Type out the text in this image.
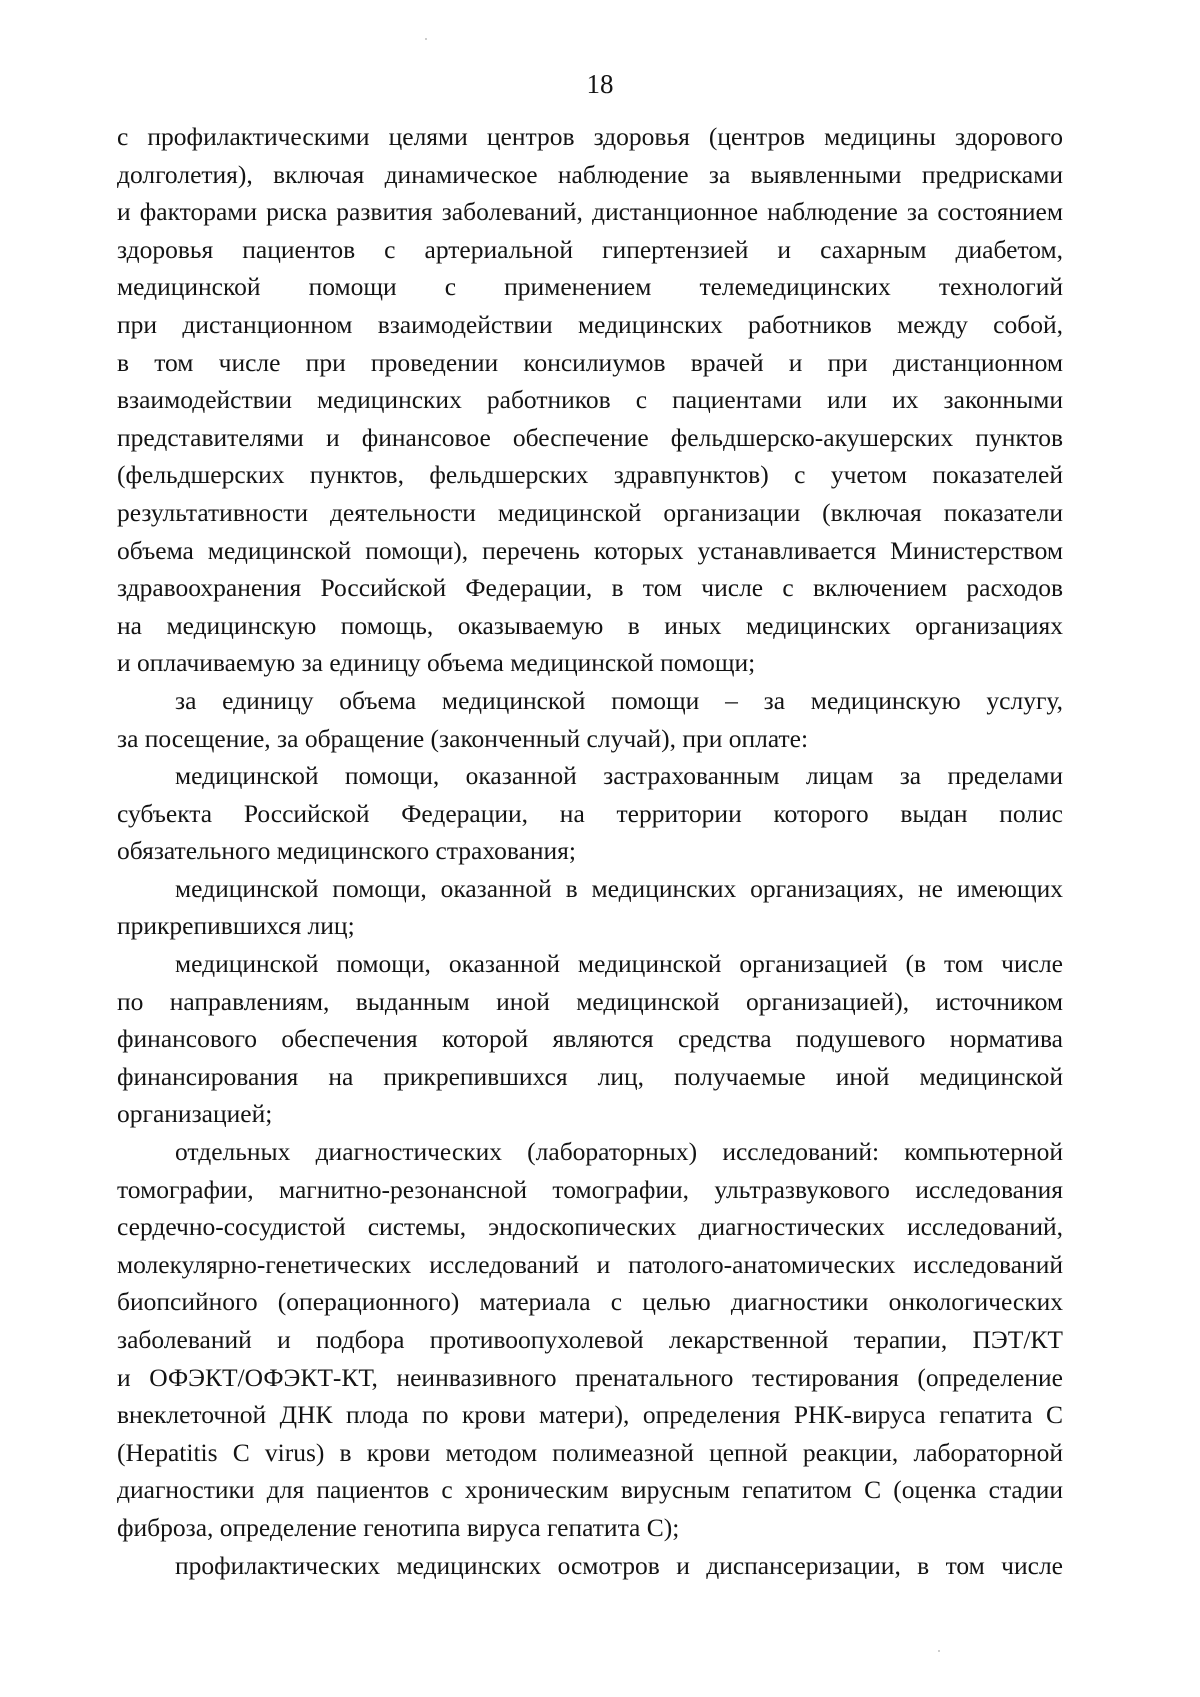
18
с профилактическими целями центров здоровья (центров медицины здорового
долголетия), включая динамическое наблюдение за выявленными предрисками
и факторами риска развития заболеваний, дистанционное наблюдение за состоянием
здоровья пациентов с артериальной гипертензией и сахарным диабетом,
медицинской помощи с применением телемедицинских технологий
при дистанционном взаимодействии медицинских работников между собой,
в том числе при проведении консилиумов врачей и при дистанционном
взаимодействии медицинских работников с пациентами или их законными
представителями и финансовое обеспечение фельдшерско-акушерских пунктов
(фельдшерских пунктов, фельдшерских здравпунктов) с учетом показателей
результативности деятельности медицинской организации (включая показатели
объема медицинской помощи), перечень которых устанавливается Министерством
здравоохранения Российской Федерации, в том числе с включением расходов
на медицинскую помощь, оказываемую в иных медицинских организациях
и оплачиваемую за единицу объема медицинской помощи;
за единицу объема медицинской помощи – за медицинскую услугу,
за посещение, за обращение (законченный случай), при оплате:
медицинской помощи, оказанной застрахованным лицам за пределами
субъекта Российской Федерации, на территории которого выдан полис
обязательного медицинского страхования;
медицинской помощи, оказанной в медицинских организациях, не имеющих
прикрепившихся лиц;
медицинской помощи, оказанной медицинской организацией (в том числе
по направлениям, выданным иной медицинской организацией), источником
финансового обеспечения которой являются средства подушевого норматива
финансирования на прикрепившихся лиц, получаемые иной медицинской
организацией;
отдельных диагностических (лабораторных) исследований: компьютерной
томографии, магнитно-резонансной томографии, ультразвукового исследования
сердечно-сосудистой системы, эндоскопических диагностических исследований,
молекулярно-генетических исследований и патолого-анатомических исследований
биопсийного (операционного) материала с целью диагностики онкологических
заболеваний и подбора противоопухолевой лекарственной терапии, ПЭТ/КТ
и ОФЭКТ/ОФЭКТ-КТ, неинвазивного пренатального тестирования (определение
внеклеточной ДНК плода по крови матери), определения РНК-вируса гепатита С
(Hepatitis C virus) в крови методом полимеазной цепной реакции, лабораторной
диагностики для пациентов с хроническим вирусным гепатитом С (оценка стадии
фиброза, определение генотипа вируса гепатита С);
профилактических медицинских осмотров и диспансеризации, в том числе
